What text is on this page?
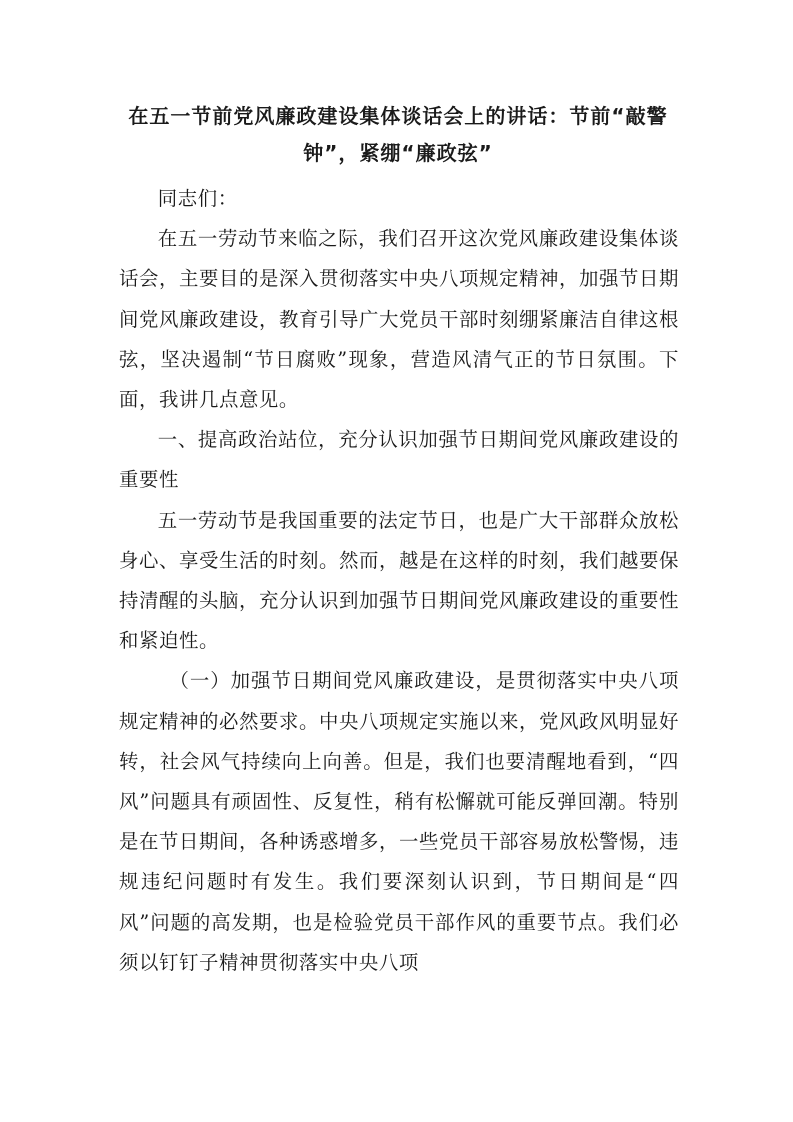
在五一节前党风廉政建设集体谈话会上的讲话：节前“敲警
钟”，紧绷“廉政弦”

同志们：

在五一劳动节来临之际，我们召开这次党风廉政建设集体谈话会，主要目的是深入贯彻落实中央八项规定精神，加强节日期间党风廉政建设，教育引导广大党员干部时刻绷紧廉洁自律这根弦，坚决遏制“节日腐败”现象，营造风清气正的节日氛围。下面，我讲几点意见。

一、提高政治站位，充分认识加强节日期间党风廉政建设的重要性

五一劳动节是我国重要的法定节日，也是广大干部群众放松身心、享受生活的时刻。然而，越是在这样的时刻，我们越要保持清醒的头脑，充分认识到加强节日期间党风廉政建设的重要性和紧迫性。

（一）加强节日期间党风廉政建设，是贯彻落实中央八项规定精神的必然要求。中央八项规定实施以来，党风政风明显好转，社会风气持续向上向善。但是，我们也要清醒地看到，“四风”问题具有顽固性、反复性，稍有松懈就可能反弹回潮。特别是在节日期间，各种诱惑增多，一些党员干部容易放松警惕，违规违纪问题时有发生。我们要深刻认识到，节日期间是“四风”问题的高发期，也是检验党员干部作风的重要节点。我们必须以钉钉子精神贯彻落实中央八项
